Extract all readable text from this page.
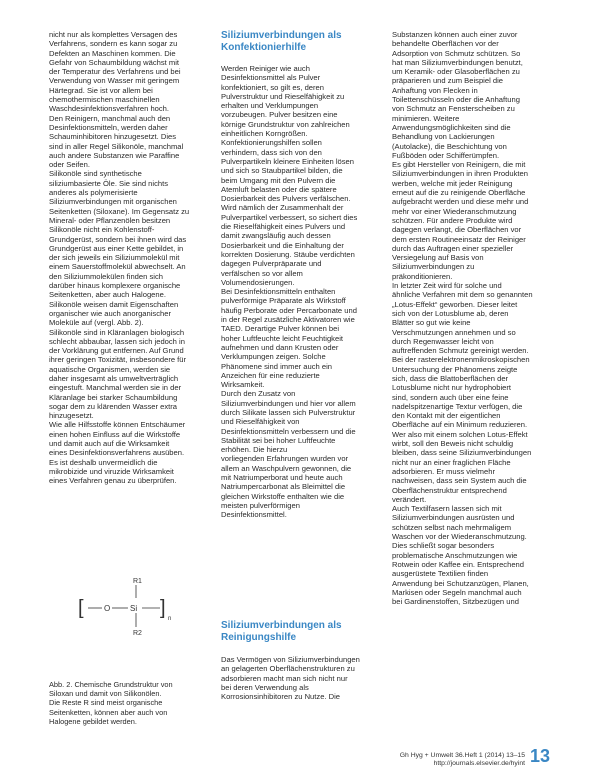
nicht nur als komplettes Versagen des
Verfahrens, sondern es kann sogar zu
Defekten an Maschinen kommen. Die
Gefahr von Schaumbildung wächst mit
der Temperatur des Verfahrens und bei
Verwendung von Wasser mit geringem
Härtegrad. Sie ist vor allem bei
chemothermischen maschinellen
Waschdesinfektionsverfahren hoch.
Den Reinigern, manchmal auch den
Desinfektionsmitteln, werden daher
Schauminhibitoren hinzugesetzt. Dies
sind in aller Regel Silikonöle, manchmal
auch andere Substanzen wie Paraffine
oder Seifen.
Silikonöle sind synthetische
siliziumbasierte Öle. Sie sind nichts
anderes als polymerisierte
Siliziumverbindungen mit organischen
Seitenketten (Siloxane). Im Gegensatz zu
Mineral- oder Pflanzenölen besitzen
Silikonöle nicht ein Kohlenstoff-
Grundgerüst, sondern bei ihnen wird das
Grundgerüst aus einer Kette gebildet, in
der sich jeweils ein Siliziummolekül mit
einem Sauerstoffmolekül abwechselt. An
den Siliziummolekülen finden sich
darüber hinaus komplexere organische
Seitenketten, aber auch Halogene.
Silikonöle weisen damit Eigenschaften
organischer wie auch anorganischer
Moleküle auf (vergl. Abb. 2).
Silikonöle sind in Kläranlagen biologisch
schlecht abbaubar, lassen sich jedoch in
der Vorklärung gut entfernen. Auf Grund
ihrer geringen Toxizität, insbesondere für
aquatische Organismen, werden sie
daher insgesamt als umweltverträglich
eingestuft. Manchmal werden sie in der
Kläranlage bei starker Schaumbildung
sogar dem zu klärenden Wasser extra
hinzugesetzt.
Wie alle Hilfsstoffe können Entschäumer
einen hohen Einfluss auf die Wirkstoffe
und damit auch auf die Wirksamkeit
eines Desinfektionsverfahrens ausüben.
Es ist deshalb unvermeidlich die
mikrobizide und viruzide Wirksamkeit
eines Verfahren genau zu überprüfen.

R1
[	O Si ] n
R2

Abb. 2. Chemische Grundstruktur von
Siloxan und damit von Silikonölen.
Die Reste R sind meist organische
Seitenketten, können aber auch von
Halogene gebildet werden.

Siliziumverbindungen als
Konfektionierhilfe

Werden Reiniger wie auch
Desinfektionsmittel als Pulver
konfektioniert, so gilt es, deren
Pulverstruktur und Rieselfähigkeit zu
erhalten und Verklumpungen
vorzubeugen. Pulver besitzen eine
körnige Grundstruktur von zahlreichen
einheitlichen Korngrößen.
Konfektionierungshilfen sollen
verhindern, dass sich von den
Pulverpartikeln kleinere Einheiten lösen
und sich so Staubpartikel bilden, die
beim Umgang mit den Pulvern die
Atemluft belasten oder die spätere
Dosierbarkeit des Pulvers verfälschen.
Wird nämlich der Zusammenhalt der
Pulverpartikel verbessert, so sichert dies
die Rieselfähigkeit eines Pulvers und
damit zwangsläufig auch dessen
Dosierbarkeit und die Einhaltung der
korrekten Dosierung. Stäube verdichten
dagegen Pulverpräparate und
verfälschen so vor allem
Volumendosierungen.
Bei Desinfektionsmitteln enthalten
pulverförmige Präparate als Wirkstoff
häufig Perborate oder Percarbonate und
in der Regel zusätzliche Aktivatoren wie
TAED. Derartige Pulver können bei
hoher Luftfeuchte leicht Feuchtigkeit
aufnehmen und dann Krusten oder
Verklumpungen zeigen. Solche
Phänomene sind immer auch ein
Anzeichen für eine reduzierte
Wirksamkeit.
Durch den Zusatz von
Siliziumverbindungen und hier vor allem
durch Silikate lassen sich Pulverstruktur
und Rieselfähigkeit von
Desinfektionsmitteln verbessern und die
Stabilität sei bei hoher Luftfeuchte
erhöhen. Die hierzu
vorliegenden Erfahrungen wurden vor
allem an Waschpulvern gewonnen, die
mit Natriumperborat und heute auch
Natriumpercarbonat als Bleimittel die
gleichen Wirkstoffe enthalten wie die
meisten pulverförmigen
Desinfektionsmittel.

Siliziumverbindungen als
Reinigungshilfe

Das Vermögen von Siliziumverbindungen
an gelagerten Oberflächenstrukturen zu
adsorbieren macht man sich nicht nur
bei deren Verwendung als
Korrosionsinhibitoren zu Nutze. Die

Substanzen können auch einer zuvor
behandelte Oberflächen vor der
Adsorption von Schmutz schützen. So
hat man Siliziumverbindungen benutzt,
um Keramik- oder Glasoberflächen zu
präparieren und zum Beispiel die
Anhaftung von Flecken in
Toilettenschüsseln oder die Anhaftung
von Schmutz an Fensterscheiben zu
minimieren. Weitere
Anwendungsmöglichkeiten sind die
Behandlung von Lackierungen
(Autolacke), die Beschichtung von
Fußböden oder Schifferümpfen.
Es gibt Hersteller von Reinigern, die mit
Siliziumverbindungen in ihren Produkten
werben, welche mit jeder Reinigung
erneut auf die zu reinigende Oberfläche
aufgebracht werden und diese mehr und
mehr vor einer Wiederanschmutzung
schützen. Für andere Produkte wird
dagegen verlangt, die Oberflächen vor
dem ersten Routineeinsatz der Reiniger
durch das Auftragen einer spezieller
Versiegelung auf Basis von
Siliziumverbindungen zu
präkonditionieren.
In letzter Zeit wird für solche und
ähnliche Verfahren mit dem so genannten
„Lotus-Effekt“ geworben. Dieser leitet
sich von der Lotusblume ab, deren
Blätter so gut wie keine
Verschmutzungen annehmen und so
durch Regenwasser leicht von
auftreffenden Schmutz gereinigt werden.
Bei der rasterelektronenmikroskopischen
Untersuchung der Phänomens zeigte
sich, dass die Blattoberflächen der
Lotusblume nicht nur hydrophobiert
sind, sondern auch über eine feine
nadelspitzenartige Textur verfügen, die
den Kontakt mit der eigentlichen
Oberfläche auf ein Minimum reduzieren.
Wer also mit einem solchen Lotus-Effekt
wirbt, soll den Beweis nicht schuldig
bleiben, dass seine Siliziumverbindungen
nicht nur an einer fraglichen Fläche
adsorbieren. Er muss vielmehr
nachweisen, dass sein System auch die
Oberflächenstruktur entsprechend
verändert.
Auch Textilfasern lassen sich mit
Siliziumverbindungen ausrüsten und
schützen selbst nach mehrmaligem
Waschen vor der Wiederanschmutzung.
Dies schließt sogar besonders
problematische Anschmutzungen wie
Rotwein oder Kaffee ein. Entsprechend
ausgerüstete Textilien finden
Anwendung bei Schutzanzügen, Planen,
Markisen oder Segeln manchmal auch
bei Gardinenstoffen, Sitzbezügen und

Gh Hyg + Umwelt 36.Heft 1 (2014) 13–15
http://journals.elsevier.de/hyint 13
